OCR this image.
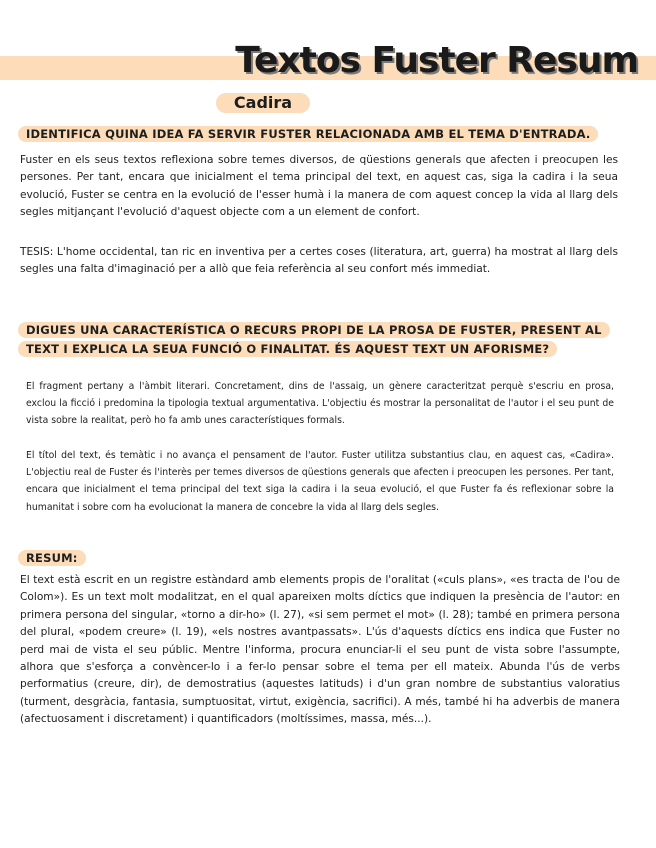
Textos Fuster Resum
Cadira
IDENTIFICA QUINA IDEA FA SERVIR FUSTER RELACIONADA AMB EL TEMA D'ENTRADA.
Fuster en els seus textos reflexiona sobre temes diversos, de qüestions generals que afecten i preocupen les persones. Per tant, encara que inicialment el tema principal del text, en aquest cas, siga la cadira i la seua evolució, Fuster se centra en la evolució de l'esser humà i la manera de com aquest concep la vida al llarg dels segles mitjançant l'evolució d'aquest objecte com a un element de confort.
TESIS: L'home occidental, tan ric en inventiva per a certes coses (literatura, art, guerra) ha mostrat al llarg dels segles una falta d'imaginació per a allò que feia referència al seu confort més immediat.
DIGUES UNA CARACTERÍSTICA O RECURS PROPI DE LA PROSA DE FUSTER, PRESENT AL TEXT I EXPLICA LA SEUA FUNCIÓ O FINALITAT. ÉS AQUEST TEXT UN AFORISME?
El fragment pertany a l'àmbit literari. Concretament, dins de l'assaig, un gènere caracteritzat perquè s'escriu en prosa, exclou la ficció i predomina la tipologia textual argumentativa. L'objectiu és mostrar la personalitat de l'autor i el seu punt de vista sobre la realitat, però ho fa amb unes característiques formals.
El títol del text, és temàtic i no avança el pensament de l'autor. Fuster utilitza substantius clau, en aquest cas, «Cadira». L'objectiu real de Fuster és l'interès per temes diversos de qüestions generals que afecten i preocupen les persones. Per tant, encara que inicialment el tema principal del text siga la cadira i la seua evolució, el que Fuster fa és reflexionar sobre la humanitat i sobre com ha evolucionat la manera de concebre la vida al llarg dels segles.
RESUM:
El text està escrit en un registre estàndard amb elements propis de l'oralitat («culs plans», «es tracta de l'ou de Colom»). Es un text molt modalitzat, en el qual apareixen molts díctics que indiquen la presència de l'autor: en primera persona del singular, «torno a dir-ho» (l. 27), «si sem permet el mot» (l. 28); també en primera persona del plural, «podem creure» (l. 19), «els nostres avantpassats». L'ús d'aquests díctics ens indica que Fuster no perd mai de vista el seu públic. Mentre l'informa, procura enunciar-li el seu punt de vista sobre l'assumpte, alhora que s'esforça a convèncer-lo i a fer-lo pensar sobre el tema per ell mateix. Abunda l'ús de verbs performatius (creure, dir), de demostratius (aquestes latituds) i d'un gran nombre de substantius valoratius (turment, desgràcia, fantasia, sumptuositat, virtut, exigència, sacrifici). A més, també hi ha adverbis de manera (afectuosament i discretament) i quantificadors (moltíssimes, massa, més...).
